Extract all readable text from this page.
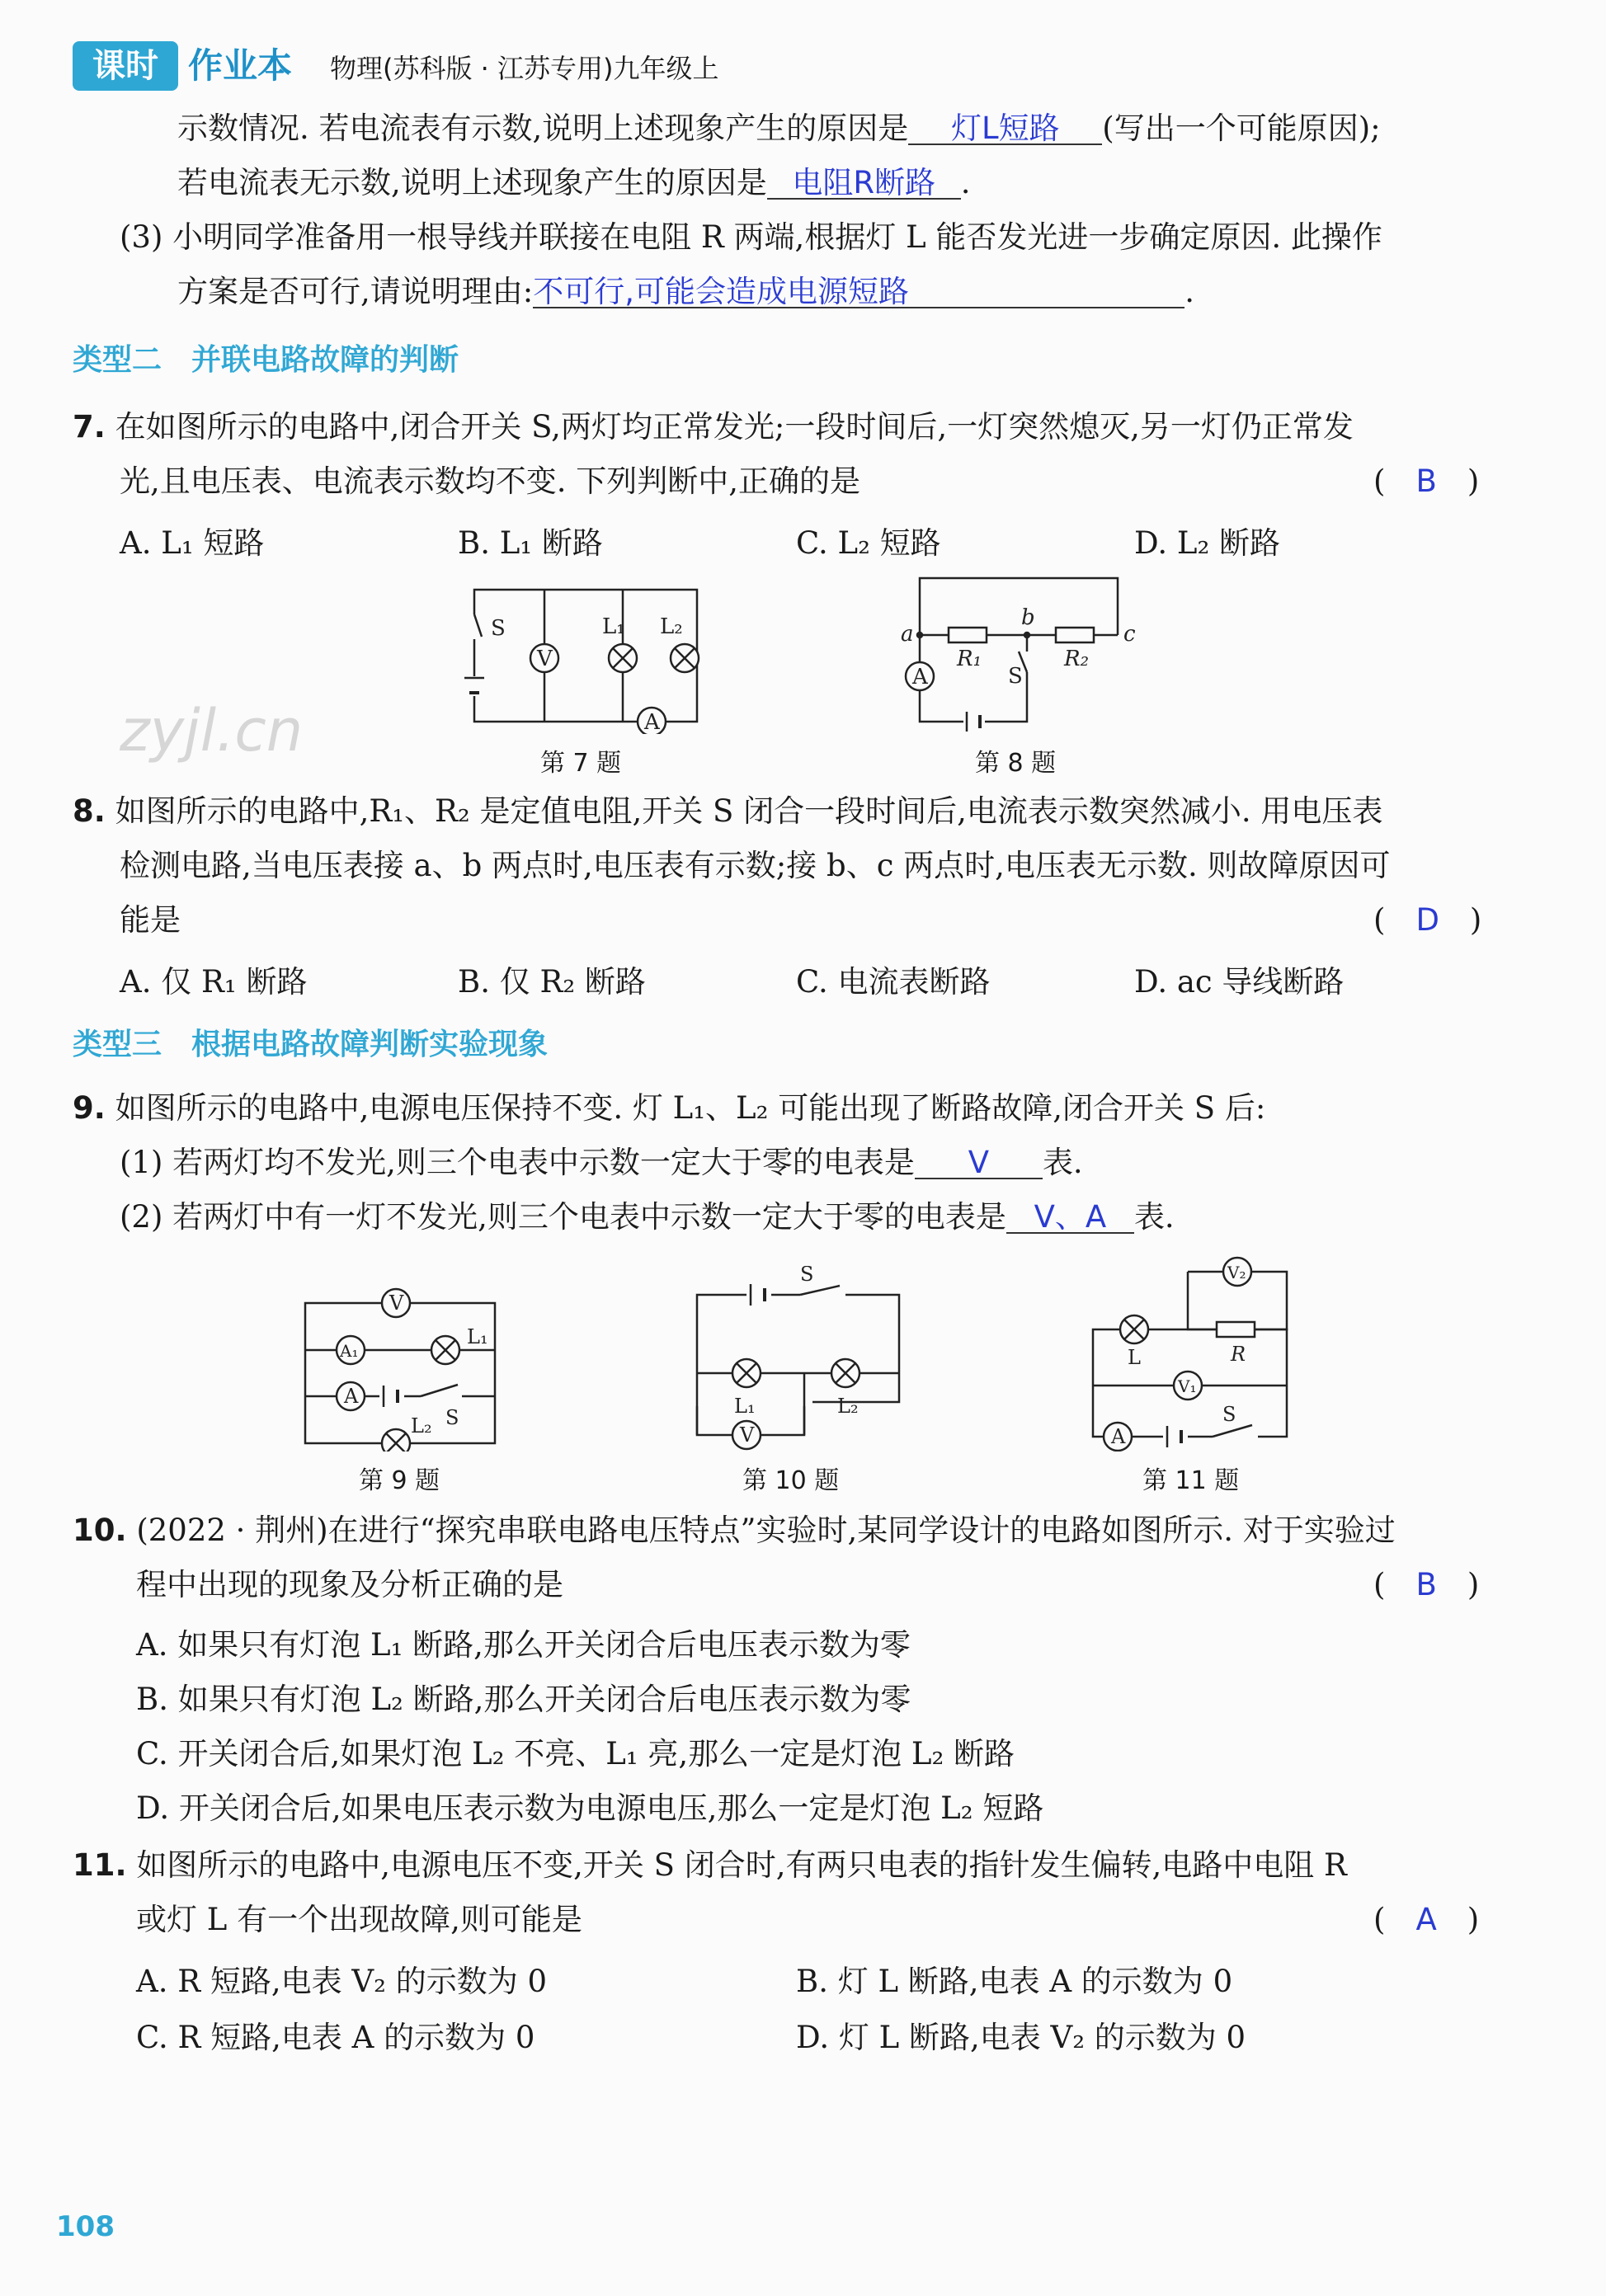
课时 作业本 物理(苏科版 · 江苏专用)九年级上
zyjl.cn
示数情况. 若电流表有示数,说明上述现象产生的原因是 灯L短路 (写出一个可能原因);
若电流表无示数,说明上述现象产生的原因是 电阻R断路 .
(3) 小明同学准备用一根导线并联接在电阻 R 两端,根据灯 L 能否发光进一步确定原因. 此操作
方案是否可行,请说明理由:不可行,可能会造成电源短路	.
类型二　并联电路故障的判断
7. 在如图所示的电路中,闭合开关 S,两灯均正常发光;一段时间后,一灯突然熄灭,另一灯仍正常发
光,且电压表、电流表示数均不变. 下列判断中,正确的是	(　B　)
A. L₁ 短路	B. L₁ 断路	C. L₂ 短路	D. L₂ 断路
S
V
L₁ L₂
A
第 7 题
a
b
c
R₁	R₂
S
A
第 8 题
8. 如图所示的电路中,R₁、R₂ 是定值电阻,开关 S 闭合一段时间后,电流表示数突然减小. 用电压表
检测电路,当电压表接 a、b 两点时,电压表有示数;接 b、c 两点时,电压表无示数. 则故障原因可
能是	(　D　)
A. 仅 R₁ 断路	B. 仅 R₂ 断路	C. 电流表断路	D. ac 导线断路
类型三　根据电路故障判断实验现象
9. 如图所示的电路中,电源电压保持不变. 灯 L₁、L₂ 可能出现了断路故障,闭合开关 S 后:
(1) 若两灯均不发光,则三个电表中示数一定大于零的电表是 V 表.
(2) 若两灯中有一灯不发光,则三个电表中示数一定大于零的电表是 V、A 表.
V
A₁
L₁
A
S
L₂
第 9 题
S
L₁	L₂
V
第 10 题
V₂
L	R
V₁
A
S
第 11 题
10. (2022 · 荆州)在进行“探究串联电路电压特点”实验时,某同学设计的电路如图所示. 对于实验过
程中出现的现象及分析正确的是	(　B　)
A. 如果只有灯泡 L₁ 断路,那么开关闭合后电压表示数为零
B. 如果只有灯泡 L₂ 断路,那么开关闭合后电压表示数为零
C. 开关闭合后,如果灯泡 L₂ 不亮、L₁ 亮,那么一定是灯泡 L₂ 断路
D. 开关闭合后,如果电压表示数为电源电压,那么一定是灯泡 L₂ 短路
11. 如图所示的电路中,电源电压不变,开关 S 闭合时,有两只电表的指针发生偏转,电路中电阻 R
或灯 L 有一个出现故障,则可能是	(　A　)
A. R 短路,电表 V₂ 的示数为 0	B. 灯 L 断路,电表 A 的示数为 0
C. R 短路,电表 A 的示数为 0	D. 灯 L 断路,电表 V₂ 的示数为 0
108
